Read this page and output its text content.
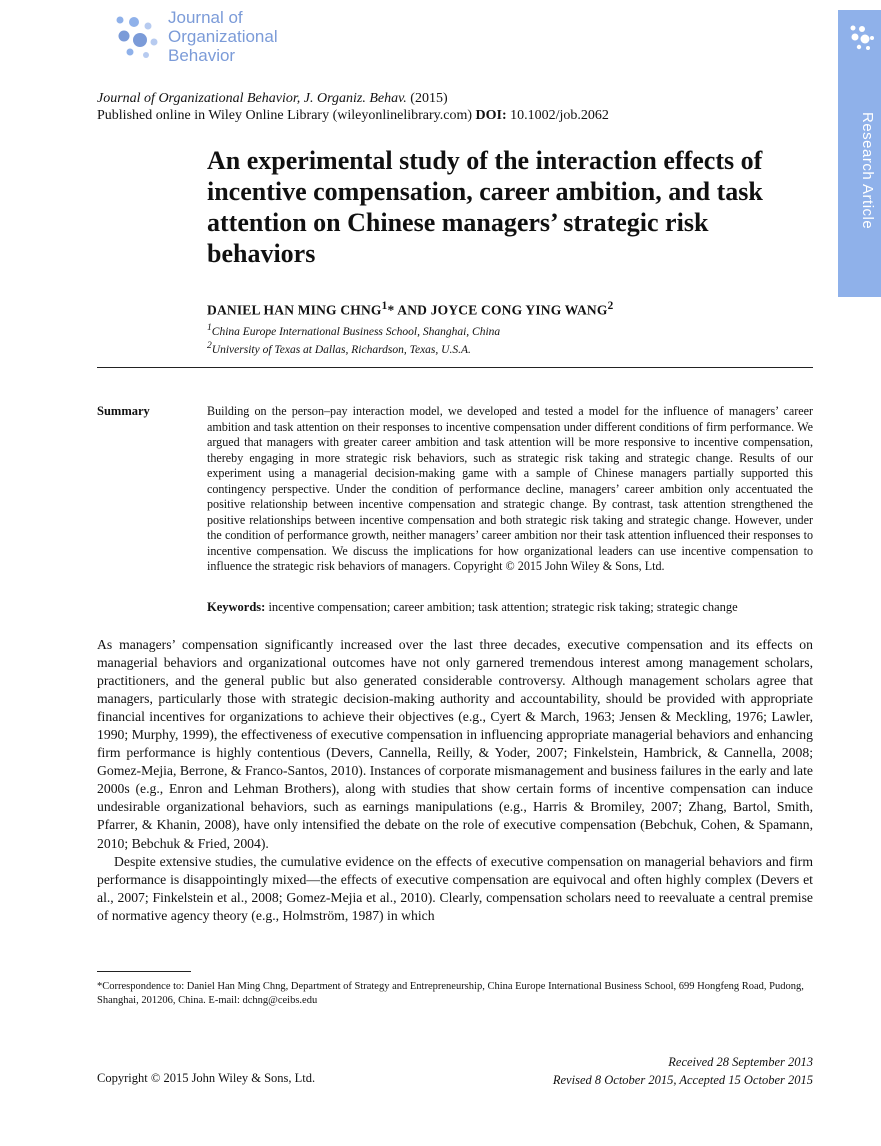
Journal of
Organizational
Behavior
Research Article
Journal of Organizational Behavior, J. Organiz. Behav. (2015)
Published online in Wiley Online Library (wileyonlinelibrary.com) DOI: 10.1002/job.2062
An experimental study of the interaction effects of incentive compensation, career ambition, and task attention on Chinese managers’ strategic risk behaviors
DANIEL HAN MING CHNG$^1$* AND JOYCE CONG YING WANG$^2$
$^1$China Europe International Business School, Shanghai, China
$^2$University of Texas at Dallas, Richardson, Texas, U.S.A.
Summary	Building on the person–pay interaction model, we developed and tested a model for the influence of managers’ career ambition and task attention on their responses to incentive compensation under different conditions of firm performance. We argued that managers with greater career ambition and task attention will be more responsive to incentive compensation, thereby engaging in more strategic risk behaviors, such as strategic risk taking and strategic change. Results of our experiment using a managerial decision-making game with a sample of Chinese managers partially supported this contingency perspective. Under the condition of performance decline, managers’ career ambition only accentuated the positive relationship between incentive compensation and strategic change. By contrast, task attention strengthened the positive relationships between incentive compensation and both strategic risk taking and strategic change. However, under the condition of performance growth, neither managers’ career ambition nor their task attention influenced their responses to incentive compensation. We discuss the implications for how organizational leaders can use incentive compensation to influence the strategic risk behaviors of managers. Copyright © 2015 John Wiley & Sons, Ltd.
Keywords: incentive compensation; career ambition; task attention; strategic risk taking; strategic change

As managers’ compensation significantly increased over the last three decades, executive compensation and its effects on managerial behaviors and organizational outcomes have not only garnered tremendous interest among management scholars, practitioners, and the general public but also generated considerable controversy. Although management scholars agree that managers, particularly those with strategic decision-making authority and accountability, should be provided with appropriate financial incentives for organizations to achieve their objectives (e.g., Cyert & March, 1963; Jensen & Meckling, 1976; Lawler, 1990; Murphy, 1999), the effectiveness of executive compensation in influencing appropriate managerial behaviors and enhancing firm performance is highly contentious (Devers, Cannella, Reilly, & Yoder, 2007; Finkelstein, Hambrick, & Cannella, 2008; Gomez-Mejia, Berrone, & Franco-Santos, 2010). Instances of corporate mismanagement and business failures in the early and late 2000s (e.g., Enron and Lehman Brothers), along with studies that show certain forms of incentive compensation can induce undesirable organizational behaviors, such as earnings manipulations (e.g., Harris & Bromiley, 2007; Zhang, Bartol, Smith, Pfarrer, & Khanin, 2008), have only intensified the debate on the role of executive compensation (Bebchuk, Cohen, & Spamann, 2010; Bebchuk & Fried, 2004).

Despite extensive studies, the cumulative evidence on the effects of executive compensation on managerial behaviors and firm performance is disappointingly mixed—the effects of executive compensation are equivocal and often highly complex (Devers et al., 2007; Finkelstein et al., 2008; Gomez-Mejia et al., 2010). Clearly, compensation scholars need to reevaluate a central premise of normative agency theory (e.g., Holmström, 1987) in which

*Correspondence to: Daniel Han Ming Chng, Department of Strategy and Entrepreneurship, China Europe International Business School, 699 Hongfeng Road, Pudong, Shanghai, 201206, China. E-mail: dchng@ceibs.edu
Received 28 September 2013
Revised 8 October 2015, Accepted 15 October 2015
Copyright © 2015 John Wiley & Sons, Ltd.
